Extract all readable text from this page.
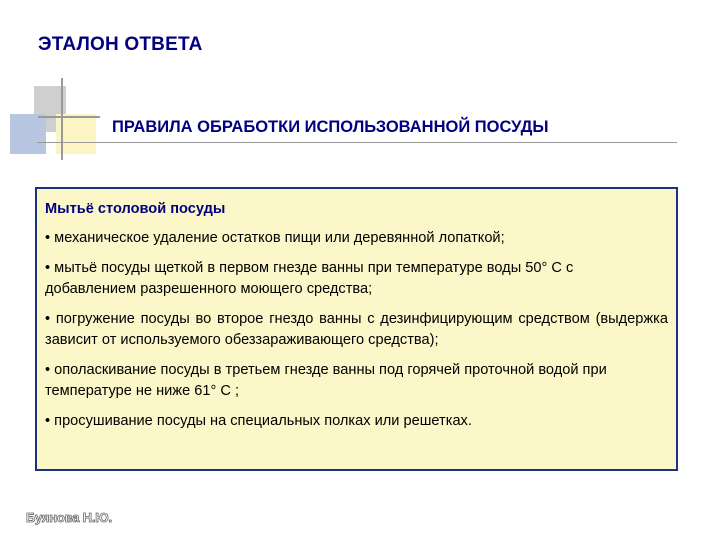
ЭТАЛОН ОТВЕТА
ПРАВИЛА ОБРАБОТКИ ИСПОЛЬЗОВАННОЙ ПОСУДЫ
Мытьё столовой посуды
• механическое удаление остатков пищи или деревянной лопаткой;
• мытьё посуды щеткой в первом гнезде ванны при температуре воды 50° С с добавлением разрешенного моющего средства;
• погружение посуды во второе гнездо ванны с дезинфицирующим средством (выдержка зависит от используемого обеззараживающего средства);
• ополаскивание посуды в третьем гнезде ванны под горячей проточной водой при температуре не ниже 61° С ;
• просушивание посуды на специальных полках или решетках.
Буянова Н.Ю.
